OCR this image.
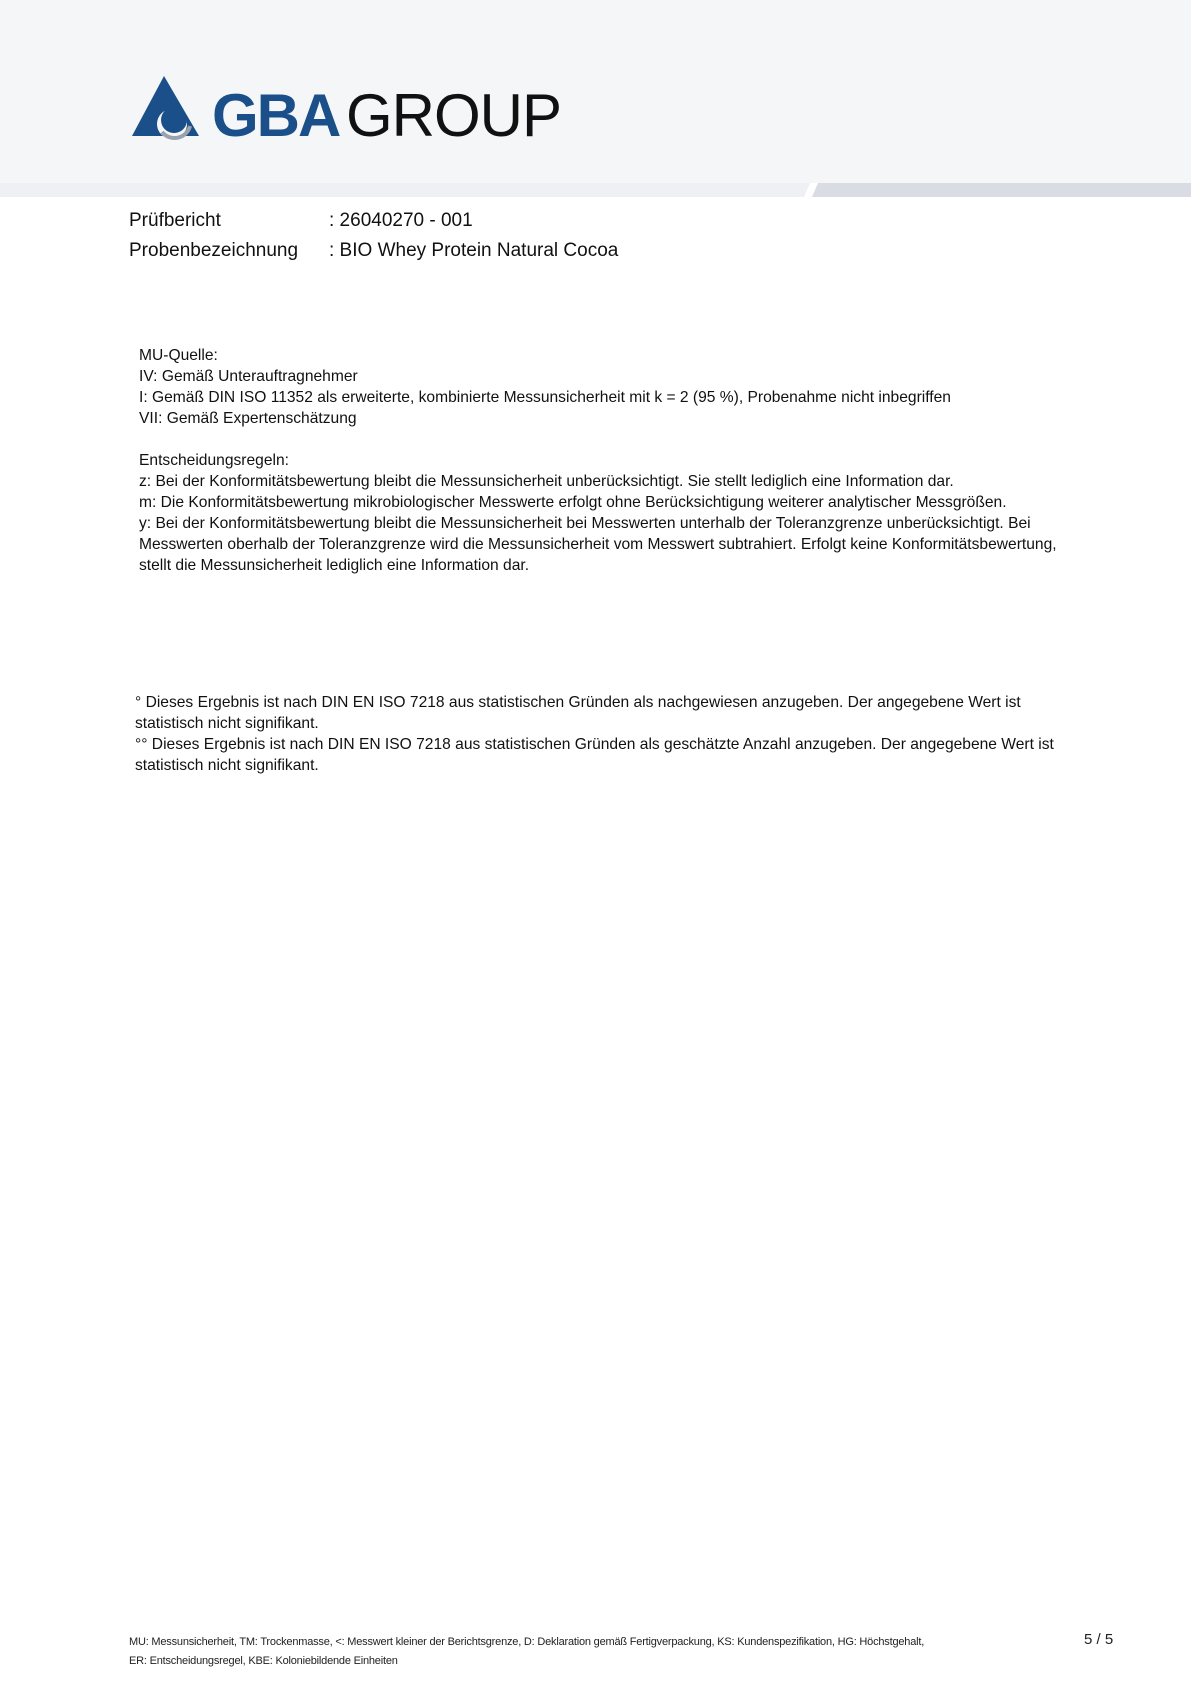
GBA GROUP
Prüfbericht	: 26040270 - 001
Probenbezeichnung : BIO Whey Protein Natural Cocoa

MU-Quelle:

IV: Gemäß Unterauftragnehmer

I: Gemäß DIN ISO 11352 als erweiterte, kombinierte Messunsicherheit mit k = 2 (95 %), Probenahme nicht inbegriffen

VII: Gemäß Expertenschätzung

Entscheidungsregeln:

z: Bei der Konformitätsbewertung bleibt die Messunsicherheit unberücksichtigt. Sie stellt lediglich eine Information dar.

m: Die Konformitätsbewertung mikrobiologischer Messwerte erfolgt ohne Berücksichtigung weiterer analytischer Messgrößen.

y: Bei der Konformitätsbewertung bleibt die Messunsicherheit bei Messwerten unterhalb der Toleranzgrenze unberücksichtigt. Bei Messwerten oberhalb der Toleranzgrenze wird die Messunsicherheit vom Messwert subtrahiert. Erfolgt keine Konformitätsbewertung, stellt die Messunsicherheit lediglich eine Information dar.

° Dieses Ergebnis ist nach DIN EN ISO 7218 aus statistischen Gründen als nachgewiesen anzugeben. Der angegebene Wert ist statistisch nicht signifikant.

°° Dieses Ergebnis ist nach DIN EN ISO 7218 aus statistischen Gründen als geschätzte Anzahl anzugeben. Der angegebene Wert ist statistisch nicht signifikant.

MU: Messunsicherheit, TM: Trockenmasse, <: Messwert kleiner der Berichtsgrenze, D: Deklaration gemäß Fertigverpackung, KS: Kundenspezifikation, HG: Höchstgehalt,

ER: Entscheidungsregel, KBE: Koloniebildende Einheiten

5 / 5
